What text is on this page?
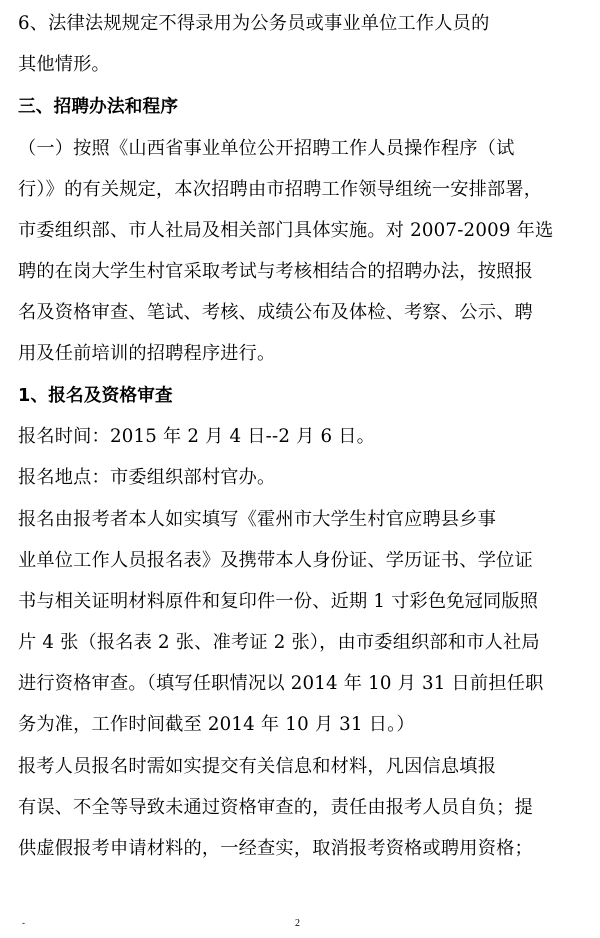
6、法律法规规定不得录用为公务员或事业单位工作人员的
其他情形。
三、招聘办法和程序
（一）按照《山西省事业单位公开招聘工作人员操作程序（试
行）》的有关规定，本次招聘由市招聘工作领导组统一安排部署，
市委组织部、市人社局及相关部门具体实施。对 2007-2009 年选
聘的在岗大学生村官采取考试与考核相结合的招聘办法，按照报
名及资格审查、笔试、考核、成绩公布及体检、考察、公示、聘
用及任前培训的招聘程序进行。
1、报名及资格审查
报名时间：2015 年 2 月 4 日--2 月 6 日。
报名地点：市委组织部村官办。
报名由报考者本人如实填写《霍州市大学生村官应聘县乡事
业单位工作人员报名表》及携带本人身份证、学历证书、学位证
书与相关证明材料原件和复印件一份、近期 1 寸彩色免冠同版照
片 4 张（报名表 2 张、准考证 2 张），由市委组织部和市人社局
进行资格审查。（填写任职情况以 2014 年 10 月 31 日前担任职
务为准，工作时间截至 2014 年 10 月 31 日。）
报考人员报名时需如实提交有关信息和材料，凡因信息填报
有误、不全等导致未通过资格审查的，责任由报考人员自负；提
供虚假报考申请材料的，一经查实，取消报考资格或聘用资格；
-	2
